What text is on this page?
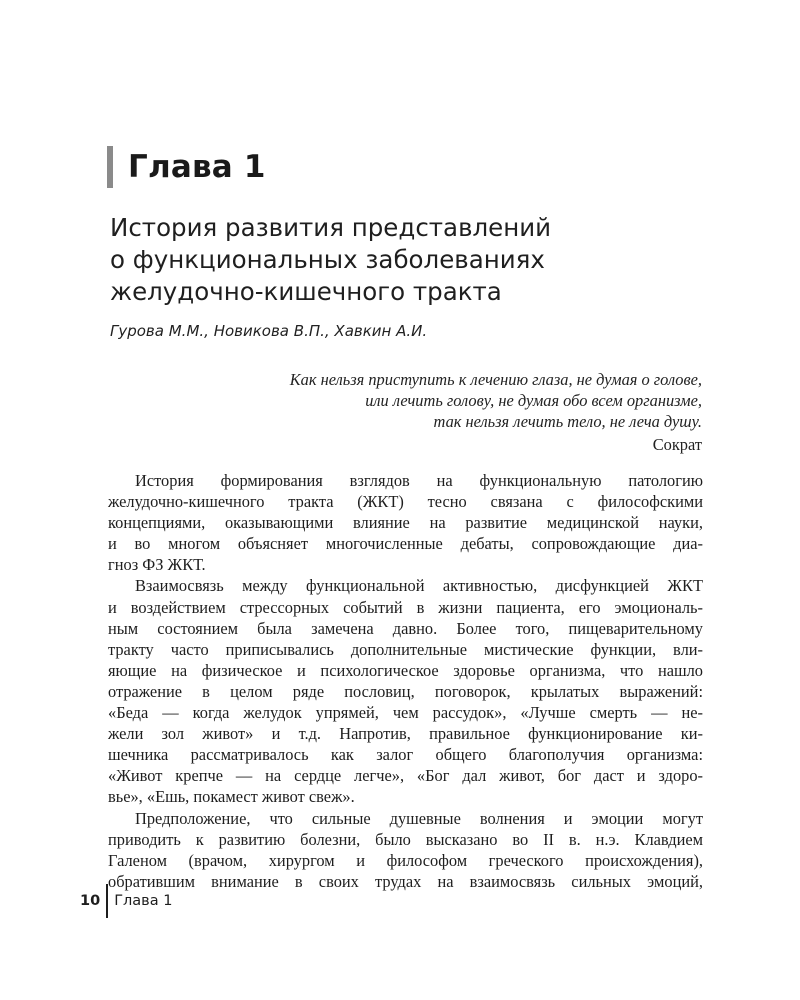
Глава 1
История развития представлений
о функциональных заболеваниях
желудочно-кишечного тракта
Гурова М.М., Новикова В.П., Хавкин А.И.
Как нельзя приступить к лечению глаза, не думая о голове,
или лечить голову, не думая обо всем организме,
так нельзя лечить тело, не леча душу.
Сократ
История формирования взглядов на функциональную патологию
желудочно-кишечного тракта (ЖКТ) тесно связана с философскими
концепциями, оказывающими влияние на развитие медицинской науки,
и во многом объясняет многочисленные дебаты, сопровождающие диа-
гноз ФЗ ЖКТ.
Взаимосвязь между функциональной активностью, дисфункцией ЖКТ
и воздействием стрессорных событий в жизни пациента, его эмоциональ-
ным состоянием была замечена давно. Более того, пищеварительному
тракту часто приписывались дополнительные мистические функции, вли-
яющие на физическое и психологическое здоровье организма, что нашло
отражение в целом ряде пословиц, поговорок, крылатых выражений:
«Беда — когда желудок упрямей, чем рассудок», «Лучше смерть — не-
жели зол живот» и т.д. Напротив, правильное функционирование ки-
шечника рассматривалось как залог общего благополучия организма:
«Живот крепче — на сердце легче», «Бог дал живот, бог даст и здоро-
вье», «Ешь, покамест живот свеж».
Предположение, что сильные душевные волнения и эмоции могут
приводить к развитию болезни, было высказано во II в. н.э. Клавдием
Галеном (врачом, хирургом и философом греческого происхождения),
обратившим внимание в своих трудах на взаимосвязь сильных эмоций,
10 Глава 1
